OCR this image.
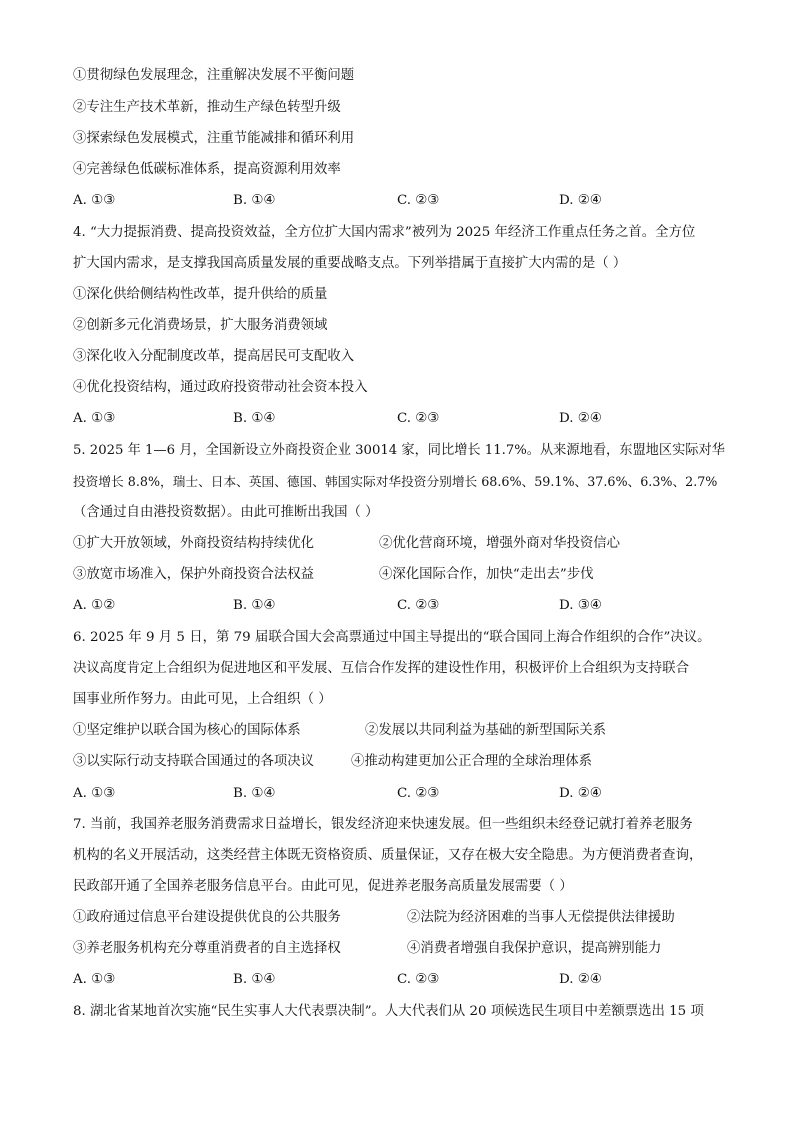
①贯彻绿色发展理念，注重解决发展不平衡问题
②专注生产技术革新，推动生产绿色转型升级
③探索绿色发展模式，注重节能减排和循环利用
④完善绿色低碳标准体系，提高资源利用效率
A. ①③	B. ①④	C. ②③	D. ②④
4. “大力提振消费、提高投资效益，全方位扩大国内需求”被列为 2025 年经济工作重点任务之首。全方位
扩大国内需求，是支撑我国高质量发展的重要战略支点。下列举措属于直接扩大内需的是（ ）
①深化供给侧结构性改革，提升供给的质量
②创新多元化消费场景，扩大服务消费领域
③深化收入分配制度改革，提高居民可支配收入
④优化投资结构，通过政府投资带动社会资本投入
A. ①③	B. ①④	C. ②③	D. ②④
5. 2025 年 1—6 月，全国新设立外商投资企业 30014 家，同比增长 11.7%。从来源地看，东盟地区实际对华
投资增长 8.8%，瑞士、日本、英国、德国、韩国实际对华投资分别增长 68.6%、59.1%、37.6%、6.3%、2.7%
（含通过自由港投资数据）。由此可推断出我国（ ）
①扩大开放领域，外商投资结构持续优化	②优化营商环境，增强外商对华投资信心
③放宽市场准入，保护外商投资合法权益	④深化国际合作，加快“走出去”步伐
A. ①②	B. ①④	C. ②③	D. ③④
6. 2025 年 9 月 5 日，第 79 届联合国大会高票通过中国主导提出的“联合国同上海合作组织的合作”决议。
决议高度肯定上合组织为促进地区和平发展、互信合作发挥的建设性作用，积极评价上合组织为支持联合
国事业所作努力。由此可见，上合组织（ ）
①坚定维护以联合国为核心的国际体系	②发展以共同利益为基础的新型国际关系
③以实际行动支持联合国通过的各项决议	④推动构建更加公正合理的全球治理体系
A. ①③	B. ①④	C. ②③	D. ②④
7. 当前，我国养老服务消费需求日益增长，银发经济迎来快速发展。但一些组织未经登记就打着养老服务
机构的名义开展活动，这类经营主体既无资格资质、质量保证，又存在极大安全隐患。为方便消费者查询，
民政部开通了全国养老服务信息平台。由此可见，促进养老服务高质量发展需要（ ）
①政府通过信息平台建设提供优良的公共服务	②法院为经济困难的当事人无偿提供法律援助
③养老服务机构充分尊重消费者的自主选择权	④消费者增强自我保护意识，提高辨别能力
A. ①③	B. ①④	C. ②③	D. ②④
8. 湖北省某地首次实施“民生实事人大代表票决制”。人大代表们从 20 项候选民生项目中差额票选出 15 项
